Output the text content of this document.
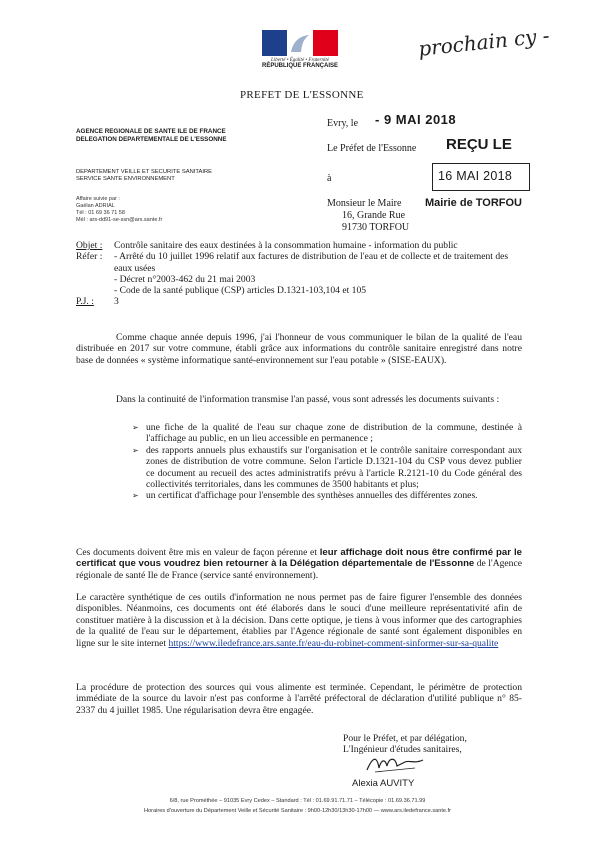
Liberté • Égalité • Fraternité
RÉPUBLIQUE FRANÇAISE
prochain cy -
PREFET DE L'ESSONNE
AGENCE REGIONALE DE SANTE ILE DE FRANCE
DELEGATION DEPARTEMENTALE DE L'ESSONNE
DEPARTEMENT VEILLE ET SECURITE SANITAIRE
SERVICE SANTE ENVIRONNEMENT
Affaire suivie par :
Gaëlan ADRIAL
Tél : 01 69 36 71 58
Mél : ars-dd91-se-ssn@ars.sante.fr
Evry, le - 9 MAI 2018
Le Préfet de l'Essonne REÇU LE
16 MAI 2018
Mairie de TORFOU
à
Monsieur le Maire
16, Grande Rue
91730 TORFOU
Objet :	Contrôle sanitaire des eaux destinées à la consommation humaine - information du public
Réfer :	- Arrêté du 10 juillet 1996 relatif aux factures de distribution de l'eau et de collecte et de traitement des eaux usées
- Décret n°2003-462 du 21 mai 2003
- Code de la santé publique (CSP) articles D.1321-103,104 et 105
P.J. :	3
Comme chaque année depuis 1996, j'ai l'honneur de vous communiquer le bilan de la qualité de l'eau distribuée en 2017 sur votre commune, établi grâce aux informations du contrôle sanitaire enregistré dans notre base de données « système informatique santé-environnement sur l'eau potable » (SISE-EAUX).
Dans la continuité de l'information transmise l'an passé, vous sont adressés les documents suivants :
➢ une fiche de la qualité de l'eau sur chaque zone de distribution de la commune, destinée à l'affichage au public, en un lieu accessible en permanence ;
➢ des rapports annuels plus exhaustifs sur l'organisation et le contrôle sanitaire correspondant aux zones de distribution de votre commune. Selon l'article D.1321-104 du CSP vous devez publier ce document au recueil des actes administratifs prévu à l'article R.2121-10 du Code général des collectivités territoriales, dans les communes de 3500 habitants et plus;
➢ un certificat d'affichage pour l'ensemble des synthèses annuelles des différentes zones.
Ces documents doivent être mis en valeur de façon pérenne et leur affichage doit nous être confirmé par le certificat que vous voudrez bien retourner à la Délégation départementale de l'Essonne de l'Agence régionale de santé Ile de France (service santé environnement).
Le caractère synthétique de ces outils d'information ne nous permet pas de faire figurer l'ensemble des données disponibles. Néanmoins, ces documents ont été élaborés dans le souci d'une meilleure représentativité afin de constituer matière à la discussion et à la décision. Dans cette optique, je tiens à vous informer que des cartographies de la qualité de l'eau sur le département, établies par l'Agence régionale de santé sont également disponibles en ligne sur le site internet https://www.iledefrance.ars.sante.fr/eau-du-robinet-comment-sinformer-sur-sa-qualite
La procédure de protection des sources qui vous alimente est terminée. Cependant, le périmètre de protection immédiate de la source du lavoir n'est pas conforme à l'arrêté préfectoral de déclaration d'utilité publique n° 85-2337 du 4 juillet 1985. Une régularisation devra être engagée.
Pour le Préfet, et par délégation,
L'Ingénieur d'études sanitaires,
Alexia AUVITY
6/8, rue Prométhée – 91035 Evry Cedex – Standard : Tél : 01.69.91.71.71 – Télécopie : 01.69.36.71.99
Horaires d'ouverture du Département Veille et Sécurité Sanitaire : 9h00-12h30/13h30-17h00 — www.ars.iledefrance.sante.fr
